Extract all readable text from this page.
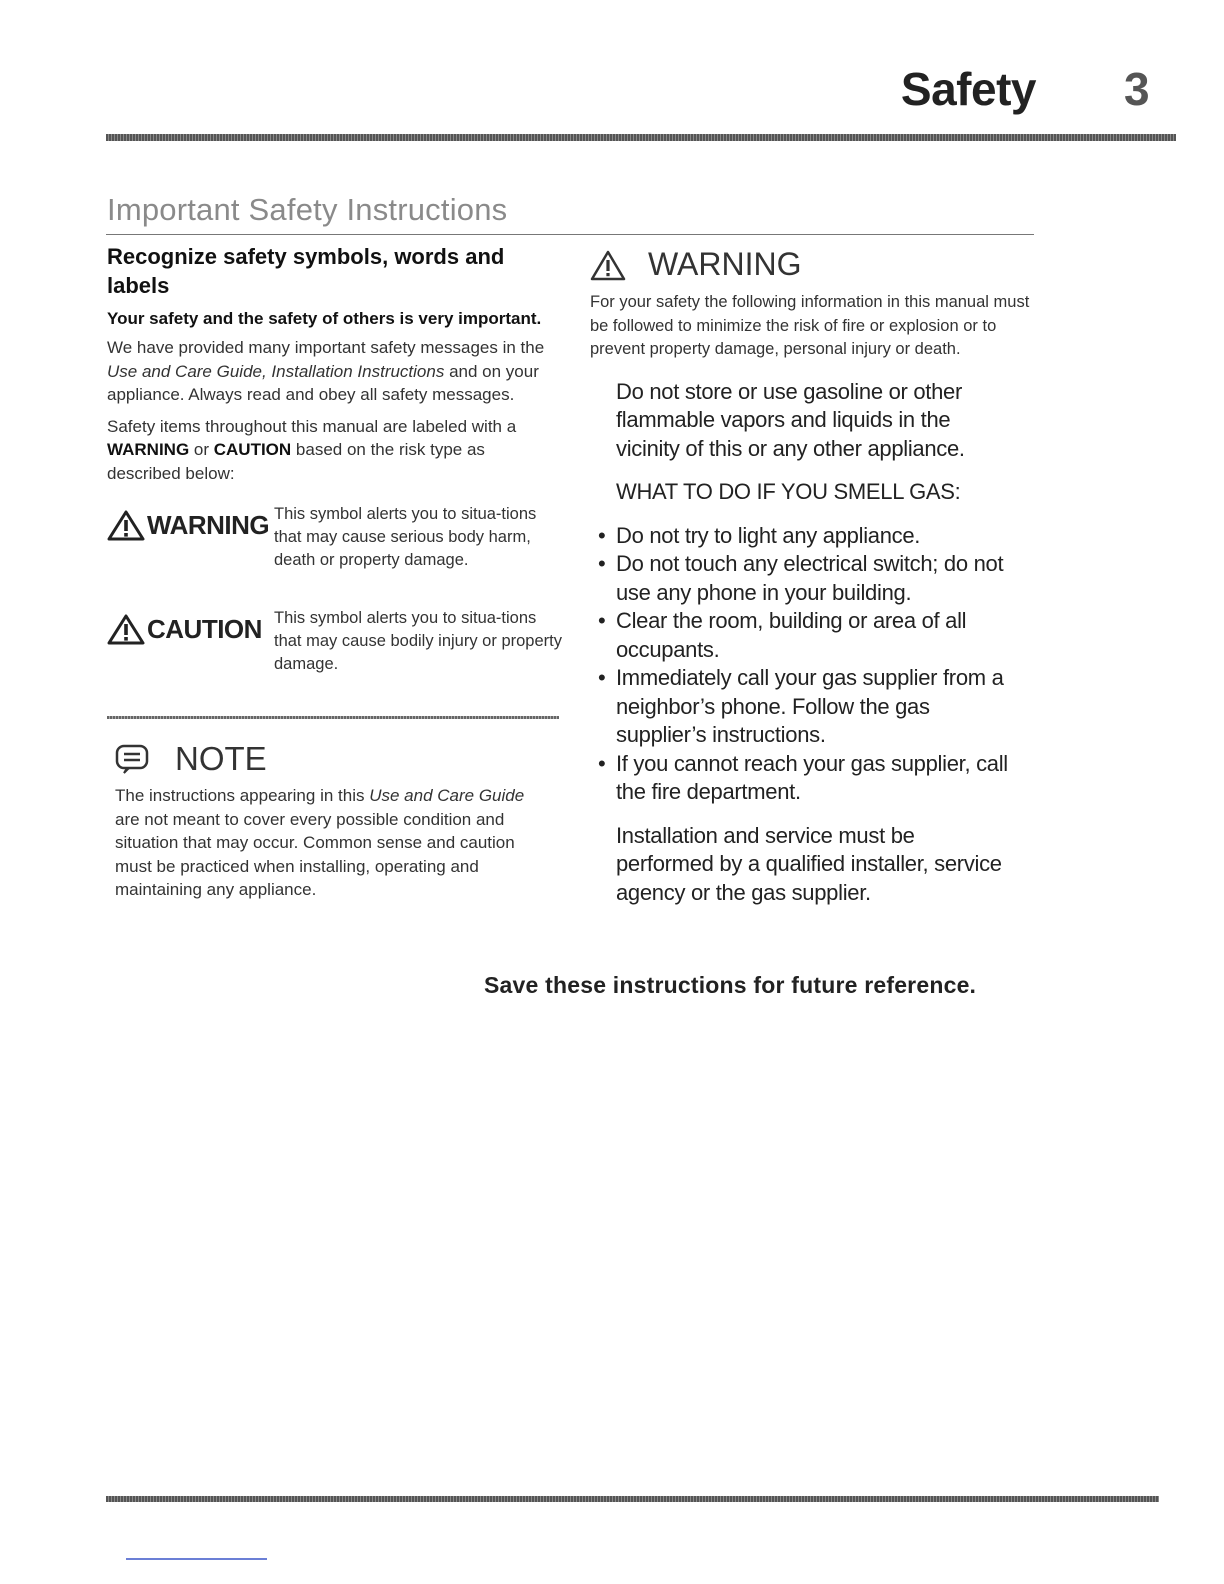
Safety 3
Important Safety Instructions

Recognize safety symbols, words and labels

Your safety and the safety of others is very important.

We have provided many important safety messages in the Use and Care Guide, Installation Instructions and on your appliance. Always read and obey all safety messages.

Safety items throughout this manual are labeled with a WARNING or CAUTION based on the risk type as described below:

WARNING This symbol alerts you to situa-tions that may cause serious body harm, death or property damage.
CAUTION This symbol alerts you to situa-tions that may cause bodily injury or property damage.
NOTE
The instructions appearing in this Use and Care Guide are not meant to cover every possible condition and situation that may occur. Common sense and caution must be practiced when installing, operating and maintaining any appliance.
WARNING
For your safety the following information in this manual must be followed to minimize the risk of fire or explosion or to prevent property damage, personal injury or death.

Do not store or use gasoline or other flammable vapors and liquids in the vicinity of this or any other appliance.

WHAT TO DO IF YOU SMELL GAS:

• Do not try to light any appliance.
• Do not touch any electrical switch; do not use any phone in your building.
• Clear the room, building or area of all occupants.
• Immediately call your gas supplier from a neighbor’s phone. Follow the gas supplier’s instructions.
• If you cannot reach your gas supplier, call the fire department.

Installation and service must be performed by a qualified installer, service agency or the gas supplier.

Save these instructions for future reference.
